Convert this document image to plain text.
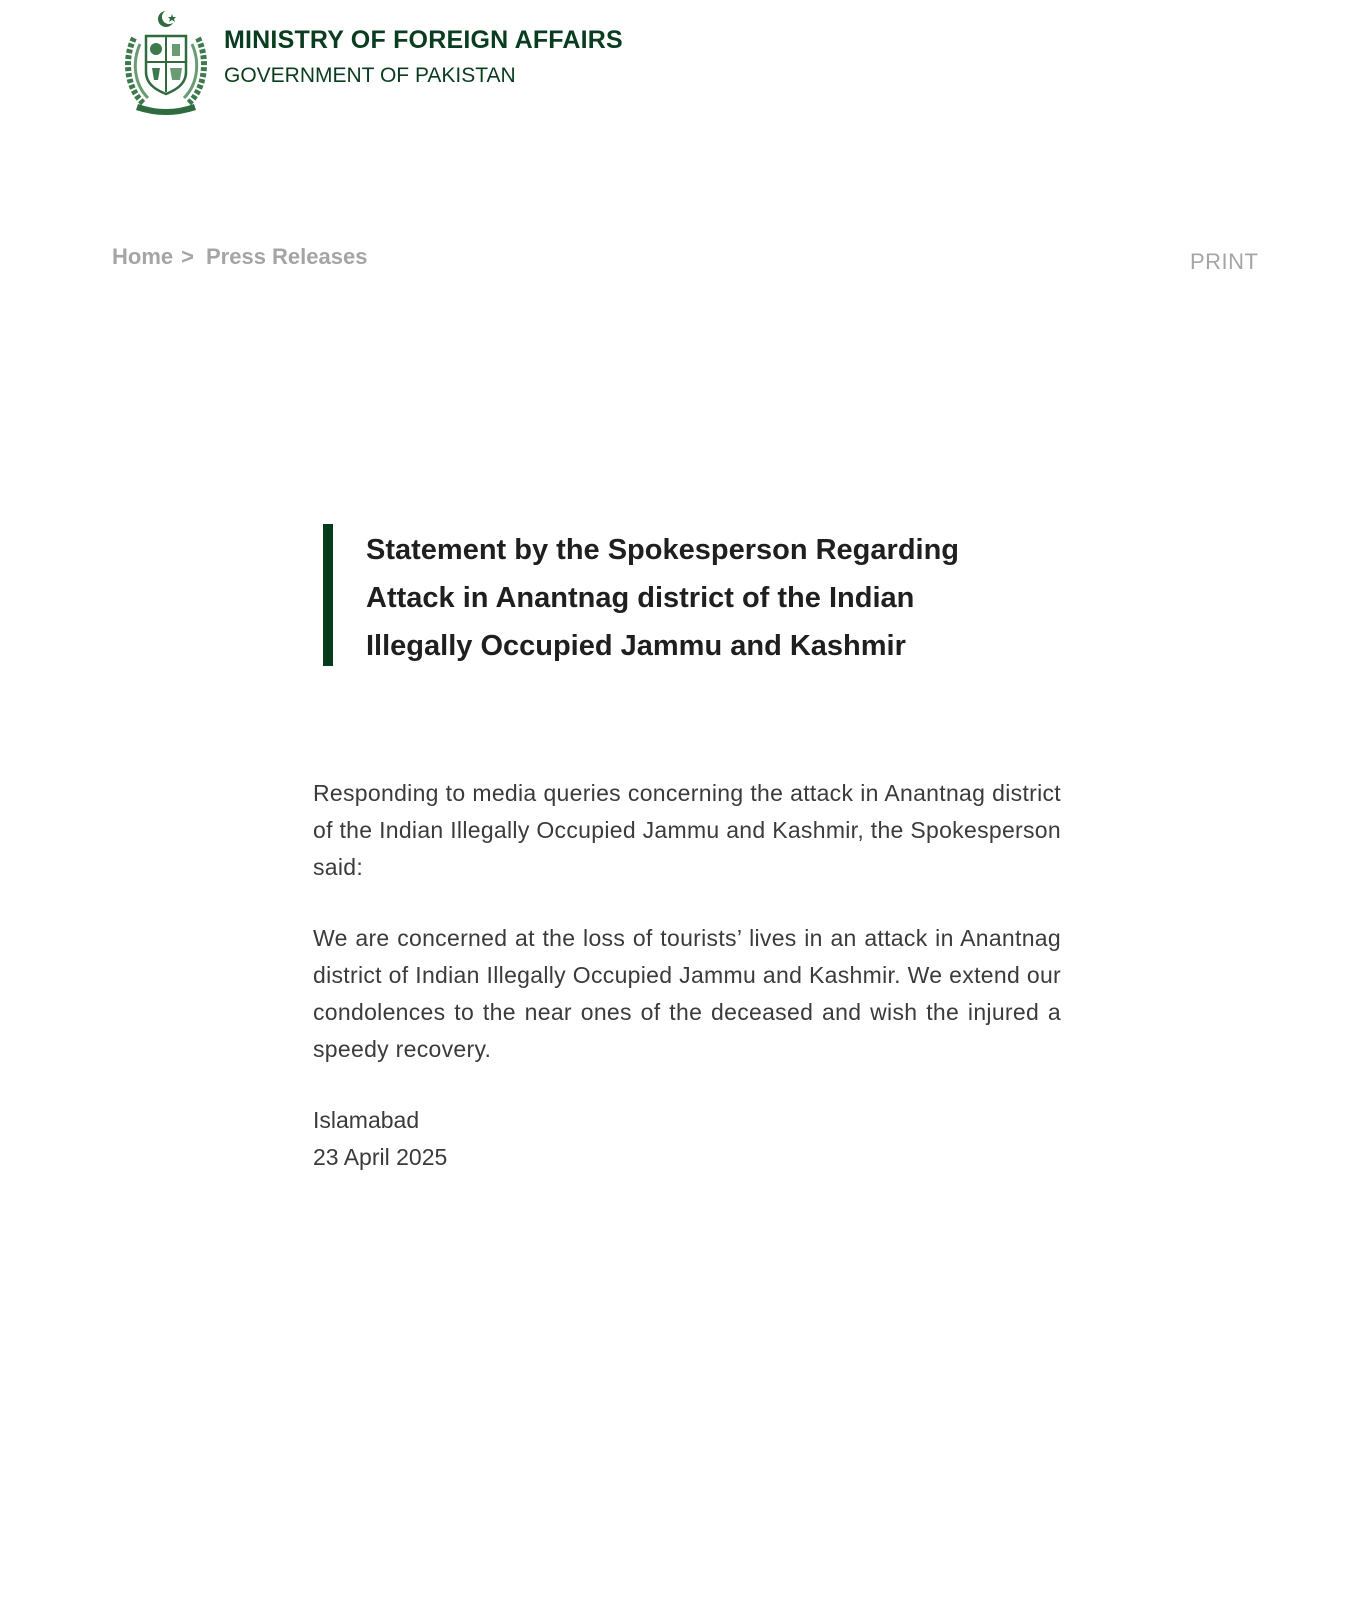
MINISTRY OF FOREIGN AFFAIRS
GOVERNMENT OF PAKISTAN
Home > Press Releases	PRINT
Statement by the Spokesperson Regarding Attack in Anantnag district of the Indian Illegally Occupied Jammu and Kashmir

Responding to media queries concerning the attack in Anantnag district of the Indian Illegally Occupied Jammu and Kashmir, the Spokesperson said:

We are concerned at the loss of tourists’ lives in an attack in Anantnag district of Indian Illegally Occupied Jammu and Kashmir. We extend our condolences to the near ones of the deceased and wish the injured a speedy recovery.

Islamabad
23 April 2025
